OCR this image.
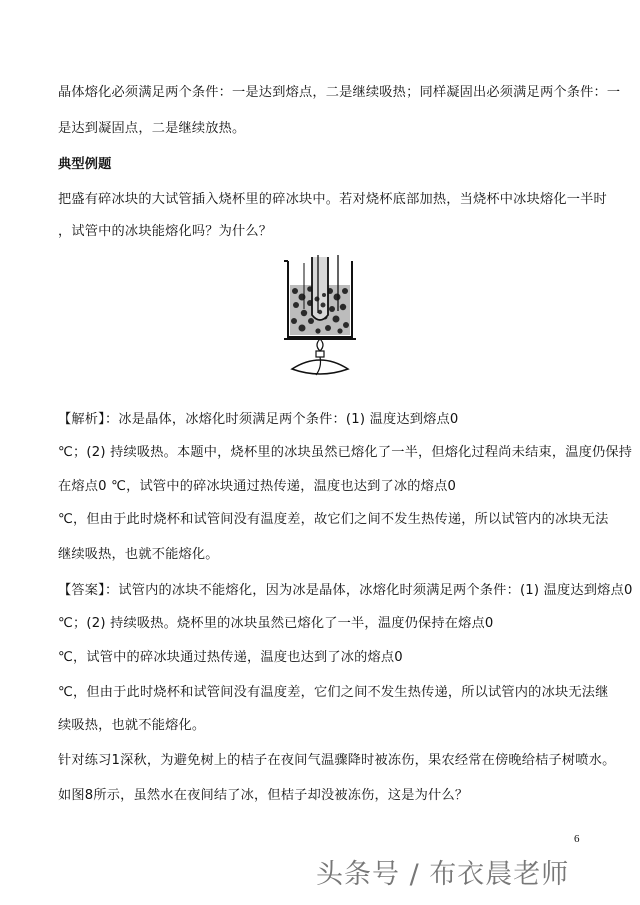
晶体熔化必须满足两个条件：一是达到熔点，二是继续吸热；同样凝固出必须满足两个条件：一
是达到凝固点，二是继续放热。
典型例题
把盛有碎冰块的大试管插入烧杯里的碎冰块中。若对烧杯底部加热，当烧杯中冰块熔化一半时
，试管中的冰块能熔化吗？为什么？
【解析】：冰是晶体，冰熔化时须满足两个条件：(1) 温度达到熔点0
℃；(2) 持续吸热。本题中，烧杯里的冰块虽然已熔化了一半，但熔化过程尚未结束，温度仍保持
在熔点0 ℃，试管中的碎冰块通过热传递，温度也达到了冰的熔点0
℃，但由于此时烧杯和试管间没有温度差，故它们之间不发生热传递，所以试管内的冰块无法
继续吸热，也就不能熔化。
【答案】：试管内的冰块不能熔化，因为冰是晶体，冰熔化时须满足两个条件：(1) 温度达到熔点0
℃；(2) 持续吸热。烧杯里的冰块虽然已熔化了一半，温度仍保持在熔点0
℃，试管中的碎冰块通过热传递，温度也达到了冰的熔点0
℃，但由于此时烧杯和试管间没有温度差，它们之间不发生热传递，所以试管内的冰块无法继
续吸热，也就不能熔化。
针对练习1深秋，为避免树上的桔子在夜间气温骤降时被冻伤，果农经常在傍晚给桔子树喷水。
如图8所示，虽然水在夜间结了冰，但桔子却没被冻伤，这是为什么？
6
头条号 / 布衣晨老师
